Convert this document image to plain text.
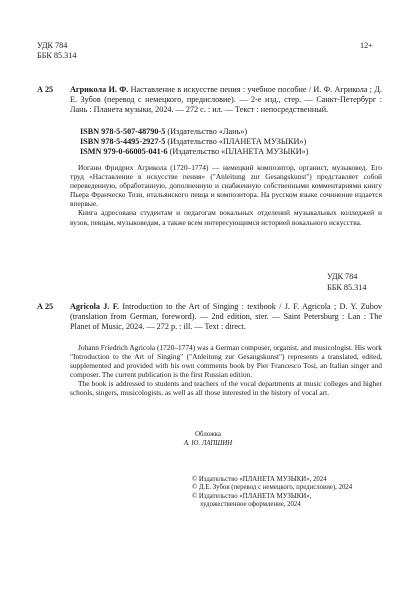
УДК 784
ББК 85.314
12+
А 25 Агрикола И. Ф. Наставление в искусстве пения : учебное пособие / И. Ф. Агрикола ; Д. Е. Зубов (перевод с немецкого, предисловие). — 2-е изд., стер. — Санкт-Петербург : Лань : Планета музыки, 2024. — 272 с. : ил. — Текст : непосредственный.
ISBN 978-5-507-48790-5 (Издательство «Лань»)
ISBN 978-5-4495-2927-5 (Издательство «ПЛАНЕТА МУЗЫКИ»)
ISMN 979-0-66005-041-6 (Издательство «ПЛАНЕТА МУЗЫКИ»)

Иоганн Фридрих Агрикола (1720–1774) — немецкий композитор, органист, музыковед. Его труд «Наставление в искусстве пения» ("Anleitung zur Gesangskunst") представляет собой переведенную, обработанную, дополненную и снабженную собственными комментариями книгу Пьера Франческо Този, итальянского певца и композитора. На русском языке сочинение издается впервые.

Книга адресована студентам и педагогам вокальных отделений музыкальных колледжей и вузов, певцам, музыковедам, а также всем интересующимся историей вокального искусства.

УДК 784
ББК 85.314
А 25 Agricola J. F. Introduction to the Art of Singing : textbook / J. F. Agricola ; D. Y. Zubov (translation from German, foreword). — 2nd edition, ster. — Saint Petersburg : Lan : The Planet of Music, 2024. — 272 p. : ill. — Text : direct.

Johann Friedrich Agricola (1720–1774) was a German composer, organist, and musicologist. His work "Introduction to the Art of Singing" ("Anleitung zur Gesangskunst") represents a translated, edited, supplemented and provided with his own comments book by Pier Francesco Tosi, an Italian singer and composer. The current publication is the first Russian edition.

The book is addressed to students and teachers of the vocal departments at music colleges and higher schools, singers, musicologists, as well as all those interested in the history of vocal art.

Обложка
А. Ю. ЛАПШИН
© Издательство «ПЛАНЕТА МУЗЫКИ», 2024
© Д.Е. Зубов (перевод с немецкого, предисловие), 2024
© Издательство «ПЛАНЕТА МУЗЫКИ»,
художественное оформление, 2024
